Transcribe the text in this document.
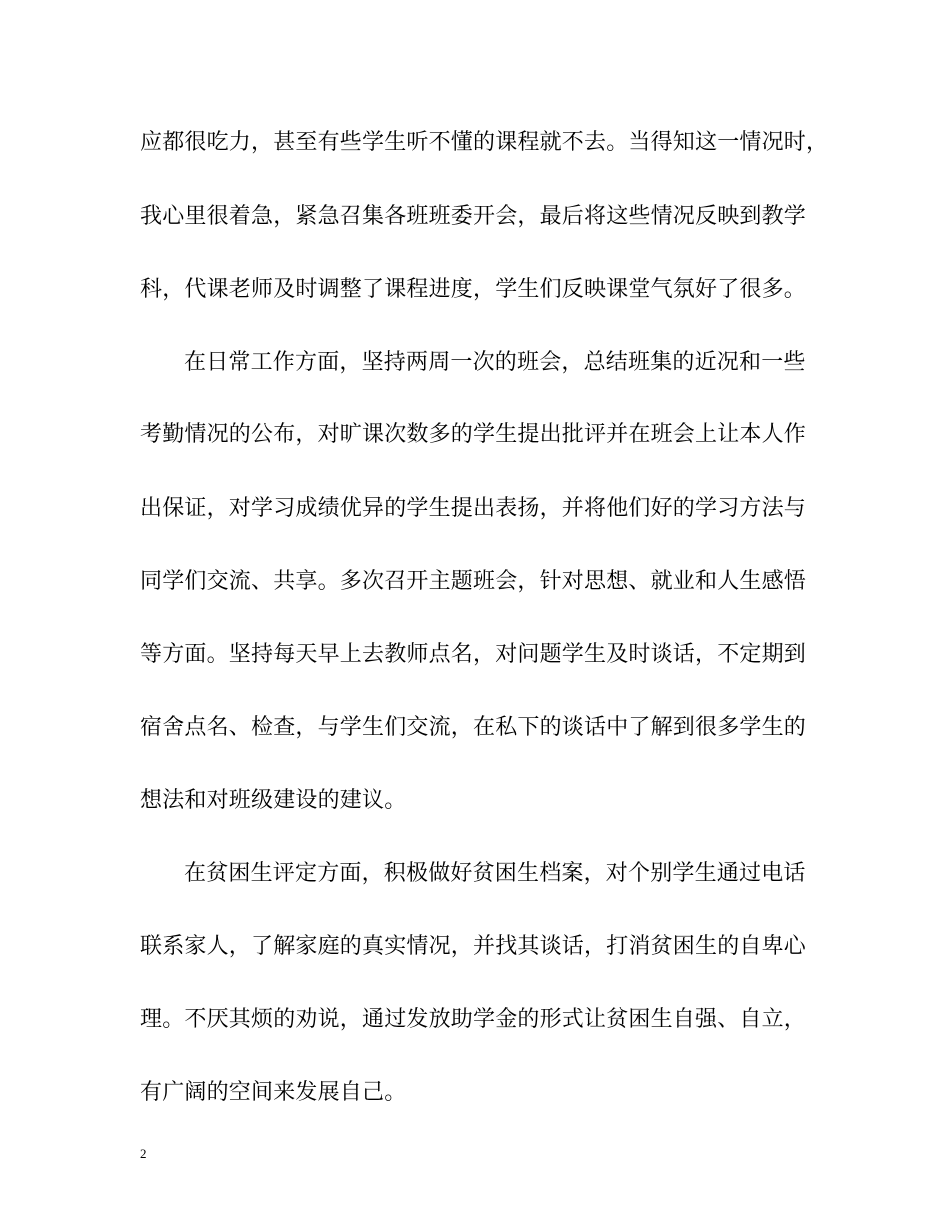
应都很吃力，甚至有些学生听不懂的课程就不去。当得知这一情况时，
我心里很着急，紧急召集各班班委开会，最后将这些情况反映到教学
科，代课老师及时调整了课程进度，学生们反映课堂气氛好了很多。
在日常工作方面，坚持两周一次的班会，总结班集的近况和一些
考勤情况的公布，对旷课次数多的学生提出批评并在班会上让本人作
出保证，对学习成绩优异的学生提出表扬，并将他们好的学习方法与
同学们交流、共享。多次召开主题班会，针对思想、就业和人生感悟
等方面。坚持每天早上去教师点名，对问题学生及时谈话，不定期到
宿舍点名、检查，与学生们交流，在私下的谈话中了解到很多学生的
想法和对班级建设的建议。
在贫困生评定方面，积极做好贫困生档案，对个别学生通过电话
联系家人，了解家庭的真实情况，并找其谈话，打消贫困生的自卑心
理。不厌其烦的劝说，通过发放助学金的形式让贫困生自强、自立，
有广阔的空间来发展自己。
2
